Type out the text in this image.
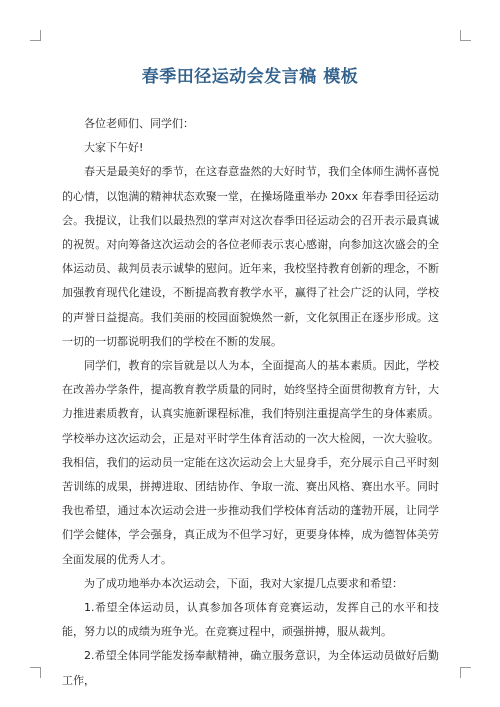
春季田径运动会发言稿 模板

各位老师们、同学们：

大家下午好!

春天是最美好的季节，在这春意盎然的大好时节，我们全体师生满怀喜悦的心情，以饱满的精神状态欢聚一堂，在操场隆重举办 20xx 年春季田径运动会。我提议，让我们以最热烈的掌声对这次春季田径运动会的召开表示最真诚的祝贺。对向筹备这次运动会的各位老师表示衷心感谢，向参加这次盛会的全体运动员、裁判员表示诚挚的慰问。近年来，我校坚持教育创新的理念，不断加强教育现代化建设，不断提高教育教学水平，赢得了社会广泛的认同，学校的声誉日益提高。我们美丽的校园面貌焕然一新，文化氛围正在逐步形成。这一切的一切都说明我们的学校在不断的发展。

同学们，教育的宗旨就是以人为本，全面提高人的基本素质。因此，学校在改善办学条件，提高教育教学质量的同时，始终坚持全面贯彻教育方针，大力推进素质教育，认真实施新课程标准，我们特别注重提高学生的身体素质。学校举办这次运动会，正是对平时学生体育活动的一次大检阅，一次大验收。我相信，我们的运动员一定能在这次运动会上大显身手，充分展示自己平时刻苦训练的成果，拼搏进取、团结协作、争取一流、赛出风格、赛出水平。同时我也希望，通过本次运动会进一步推动我们学校体育活动的蓬勃开展，让同学们学会健体，学会强身，真正成为不但学习好，更要身体棒，成为德智体美劳全面发展的优秀人才。

为了成功地举办本次运动会，下面，我对大家提几点要求和希望：

1.希望全体运动员，认真参加各项体育竞赛运动，发挥自己的水平和技能，努力以的成绩为班争光。在竞赛过程中，顽强拼搏，服从裁判。

2.希望全体同学能发扬奉献精神，确立服务意识，为全体运动员做好后勤工作，
